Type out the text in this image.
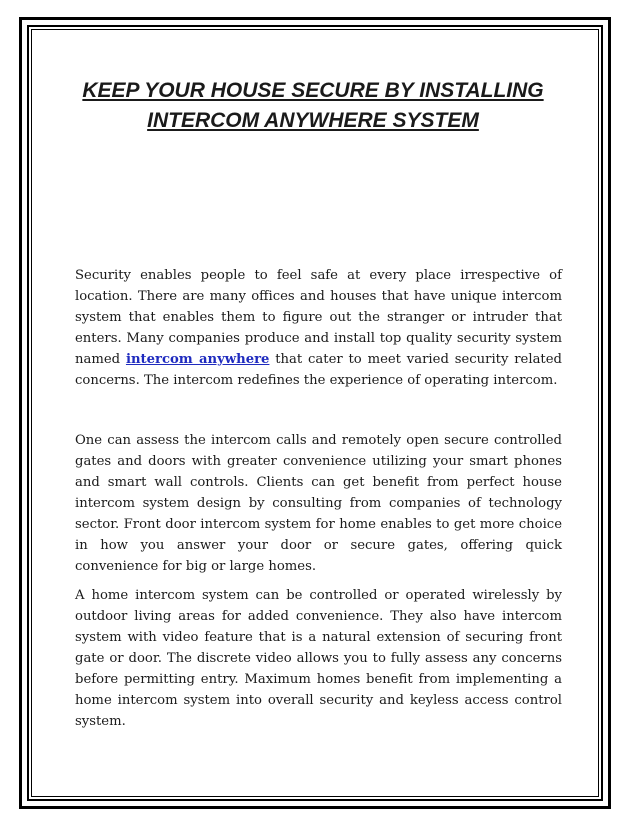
KEEP YOUR HOUSE SECURE BY INSTALLING
INTERCOM ANYWHERE SYSTEM

Security enables people to feel safe at every place irrespective of location. There are many offices and houses that have unique intercom system that enables them to figure out the stranger or intruder that enters. Many companies produce and install top quality security system named intercom anywhere that cater to meet varied security related concerns. The intercom redefines the experience of operating intercom.

One can assess the intercom calls and remotely open secure controlled gates and doors with greater convenience utilizing your smart phones and smart wall controls. Clients can get benefit from perfect house intercom system design by consulting from companies of technology sector. Front door intercom system for home enables to get more choice in how you answer your door or secure gates, offering quick convenience for big or large homes.

A home intercom system can be controlled or operated wirelessly by outdoor living areas for added convenience. They also have intercom system with video feature that is a natural extension of securing front gate or door. The discrete video allows you to fully assess any concerns before permitting entry. Maximum homes benefit from implementing a home intercom system into overall security and keyless access control system.
